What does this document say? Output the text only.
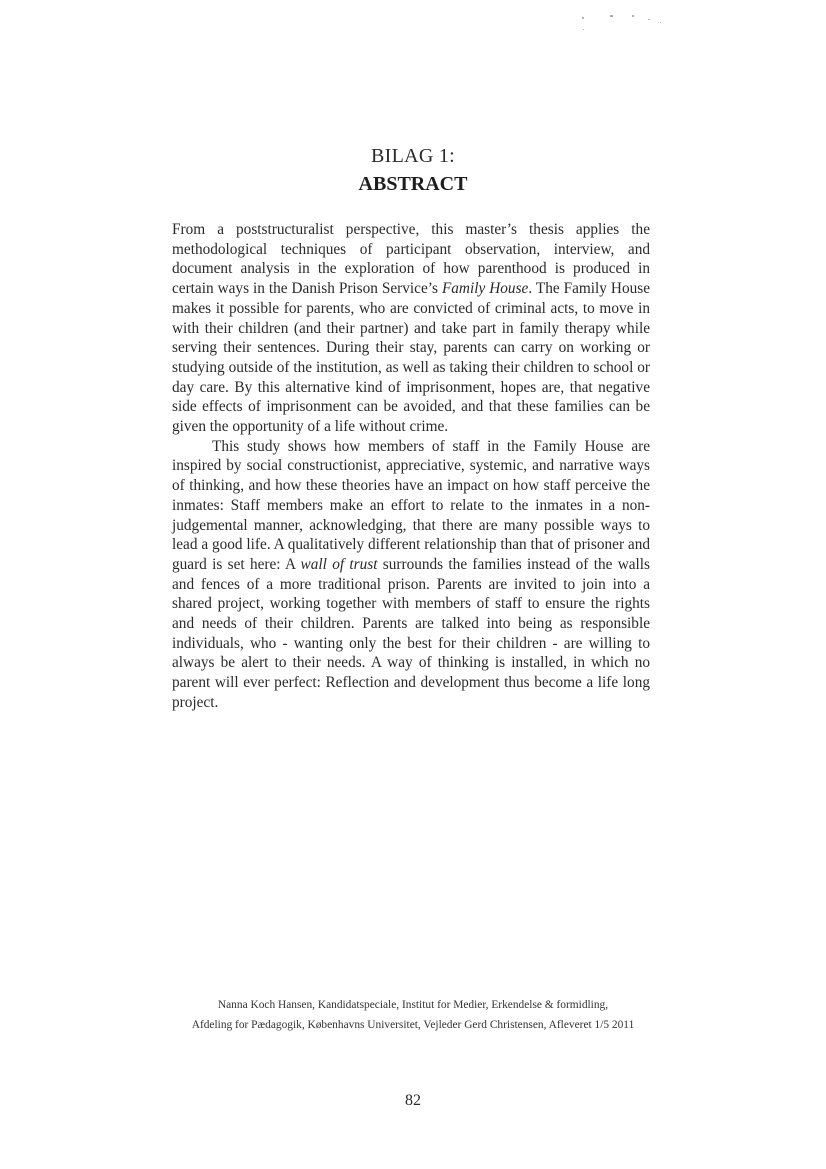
BILAG 1:
ABSTRACT

From a poststructuralist perspective, this master’s thesis applies the methodological techniques of participant observation, interview, and document analysis in the exploration of how parenthood is produced in certain ways in the Danish Prison Service’s Family House. The Family House makes it possible for parents, who are convicted of criminal acts, to move in with their children (and their partner) and take part in family therapy while serving their sentences. During their stay, parents can carry on working or studying outside of the institution, as well as taking their children to school or day care. By this alternative kind of imprisonment, hopes are, that negative side effects of imprisonment can be avoided, and that these families can be given the opportunity of a life without crime.

This study shows how members of staff in the Family House are inspired by social constructionist, appreciative, systemic, and narrative ways of thinking, and how these theories have an impact on how staff perceive the inmates: Staff members make an effort to relate to the inmates in a non-judgemental manner, acknowledging, that there are many possible ways to lead a good life. A qualitatively different relationship than that of prisoner and guard is set here: A wall of trust surrounds the families instead of the walls and fences of a more traditional prison. Parents are invited to join into a shared project, working together with members of staff to ensure the rights and needs of their children. Parents are talked into being as responsible individuals, who - wanting only the best for their children - are willing to always be alert to their needs. A way of thinking is installed, in which no parent will ever perfect: Reflection and development thus become a life long project.

Nanna Koch Hansen, Kandidatspeciale, Institut for Medier, Erkendelse & formidling,
Afdeling for Pædagogik, Københavns Universitet, Vejleder Gerd Christensen, Afleveret 1/5 2011
82
